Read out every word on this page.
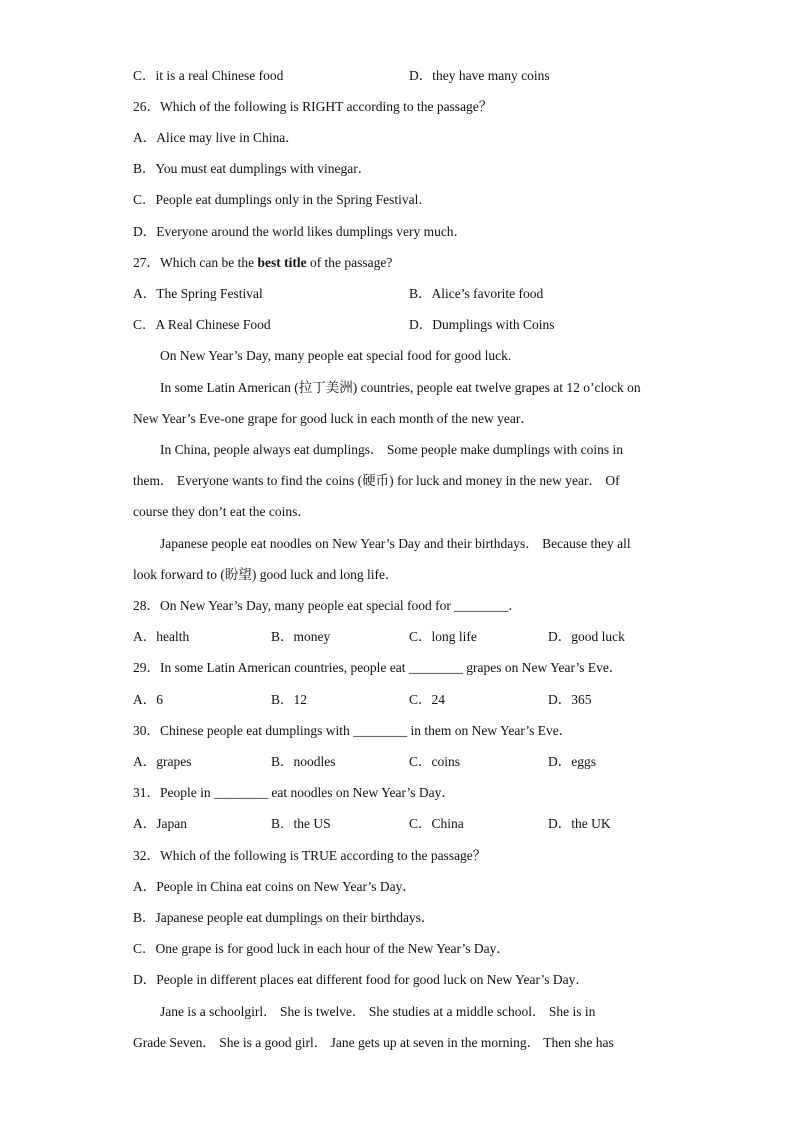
C．it is a real Chinese food	D．they have many coins
26．Which of the following is RIGHT according to the passage？
A．Alice may live in China．
B．You must eat dumplings with vinegar．
C．People eat dumplings only in the Spring Festival．
D．Everyone around the world likes dumplings very much．
27．Which can be the best title of the passage?
A．The Spring Festival	B．Alice’s favorite food
C．A Real Chinese Food	D．Dumplings with Coins
On New Year’s Day, many people eat special food for good luck.
In some Latin American (拉丁美洲) countries, people eat twelve grapes at 12 o’clock on
New Year’s Eve-one grape for good luck in each month of the new year．
In China, people always eat dumplings． Some people make dumplings with coins in
them． Everyone wants to find the coins (硬币) for luck and money in the new year． Of
course they don’t eat the coins．
Japanese people eat noodles on New Year’s Day and their birthdays． Because they all
look forward to (盼望) good luck and long life．
28．On New Year’s Day, many people eat special food for ________．
A．health	B．money	C．long life	D．good luck
29．In some Latin American countries, people eat ________ grapes on New Year’s Eve．
A．6	B．12	C．24	D．365
30．Chinese people eat dumplings with ________ in them on New Year’s Eve．
A．grapes	B．noodles	C．coins	D．eggs
31．People in ________ eat noodles on New Year’s Day．
A．Japan	B．the US	C．China	D．the UK
32．Which of the following is TRUE according to the passage？
A．People in China eat coins on New Year’s Day．
B．Japanese people eat dumplings on their birthdays．
C．One grape is for good luck in each hour of the New Year’s Day．
D．People in different places eat different food for good luck on New Year’s Day．
Jane is a schoolgirl． She is twelve． She studies at a middle school． She is in
Grade Seven． She is a good girl． Jane gets up at seven in the morning． Then she has
